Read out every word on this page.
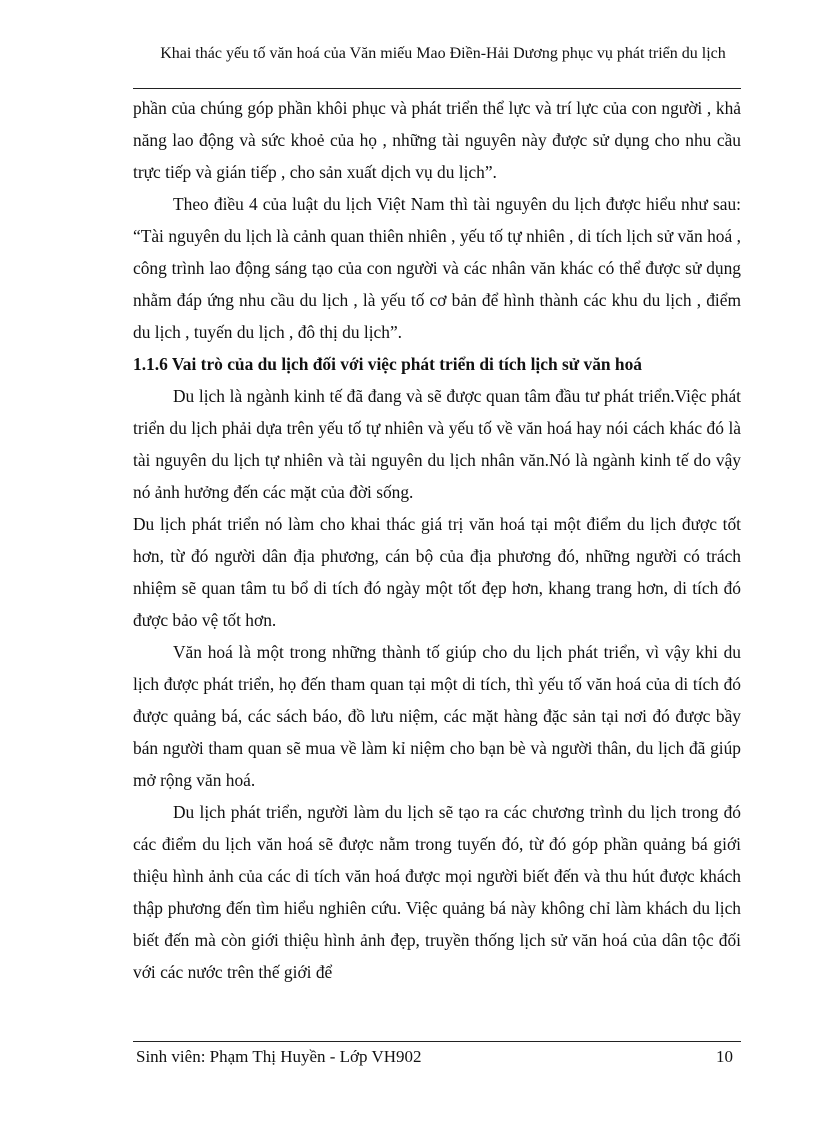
Khai thác yếu tố văn hoá của Văn miếu Mao Điền-Hải Dương phục vụ phát triển du lịch

phần của chúng góp phần khôi phục và phát triển thể lực và trí lực của con người , khả năng lao động và sức khoẻ của họ , những tài nguyên này được sử dụng cho nhu cầu trực tiếp và gián tiếp , cho sản xuất dịch vụ du lịch”.

Theo điều 4 của luật du lịch Việt Nam thì tài nguyên du lịch được hiểu như sau: “Tài nguyên du lịch là cảnh quan thiên nhiên , yếu tố tự nhiên , di tích lịch sử văn hoá , công trình lao động sáng tạo của con người và các nhân văn khác có thể được sử dụng nhằm đáp ứng nhu cầu du lịch , là yếu tố cơ bản để hình thành các khu du lịch , điểm du lịch , tuyến du lịch , đô thị du lịch”.

1.1.6 Vai trò của du lịch đối với việc phát triển di tích lịch sử văn hoá

Du lịch là ngành kinh tế đã đang và sẽ được quan tâm đầu tư phát triển.Việc phát triển du lịch phải dựa trên yếu tố tự nhiên và yếu tố về văn hoá hay nói cách khác đó là tài nguyên du lịch tự nhiên và tài nguyên du lịch nhân văn.Nó là ngành kinh tế do vậy nó ảnh hưởng đến các mặt của đời sống.

Du lịch phát triển nó làm cho khai thác giá trị văn hoá tại một điểm du lịch được tốt hơn, từ đó người dân địa phương, cán bộ của địa phương đó, những người có trách nhiệm sẽ quan tâm tu bổ di tích đó ngày một tốt đẹp hơn, khang trang hơn, di tích đó được bảo vệ tốt hơn.

Văn hoá là một trong những thành tố giúp cho du lịch phát triển, vì vậy khi du lịch được phát triển, họ đến tham quan tại một di tích, thì yếu tố văn hoá của di tích đó được quảng bá, các sách báo, đồ lưu niệm, các mặt hàng đặc sản tại nơi đó được bầy bán người tham quan sẽ mua về làm kỉ niệm cho bạn bè và người thân, du lịch đã giúp mở rộng văn hoá.

Du lịch phát triển, người làm du lịch sẽ tạo ra các chương trình du lịch trong đó các điểm du lịch văn hoá sẽ được nằm trong tuyến đó, từ đó góp phần quảng bá giới thiệu hình ảnh của các di tích văn hoá được mọi người biết đến và thu hút được khách thập phương đến tìm hiểu nghiên cứu. Việc quảng bá này không chỉ làm khách du lịch biết đến mà còn giới thiệu hình ảnh đẹp, truyền thống lịch sử văn hoá của dân tộc đối với các nước trên thế giới để

Sinh viên: Phạm Thị Huyền - Lớp VH902	10
